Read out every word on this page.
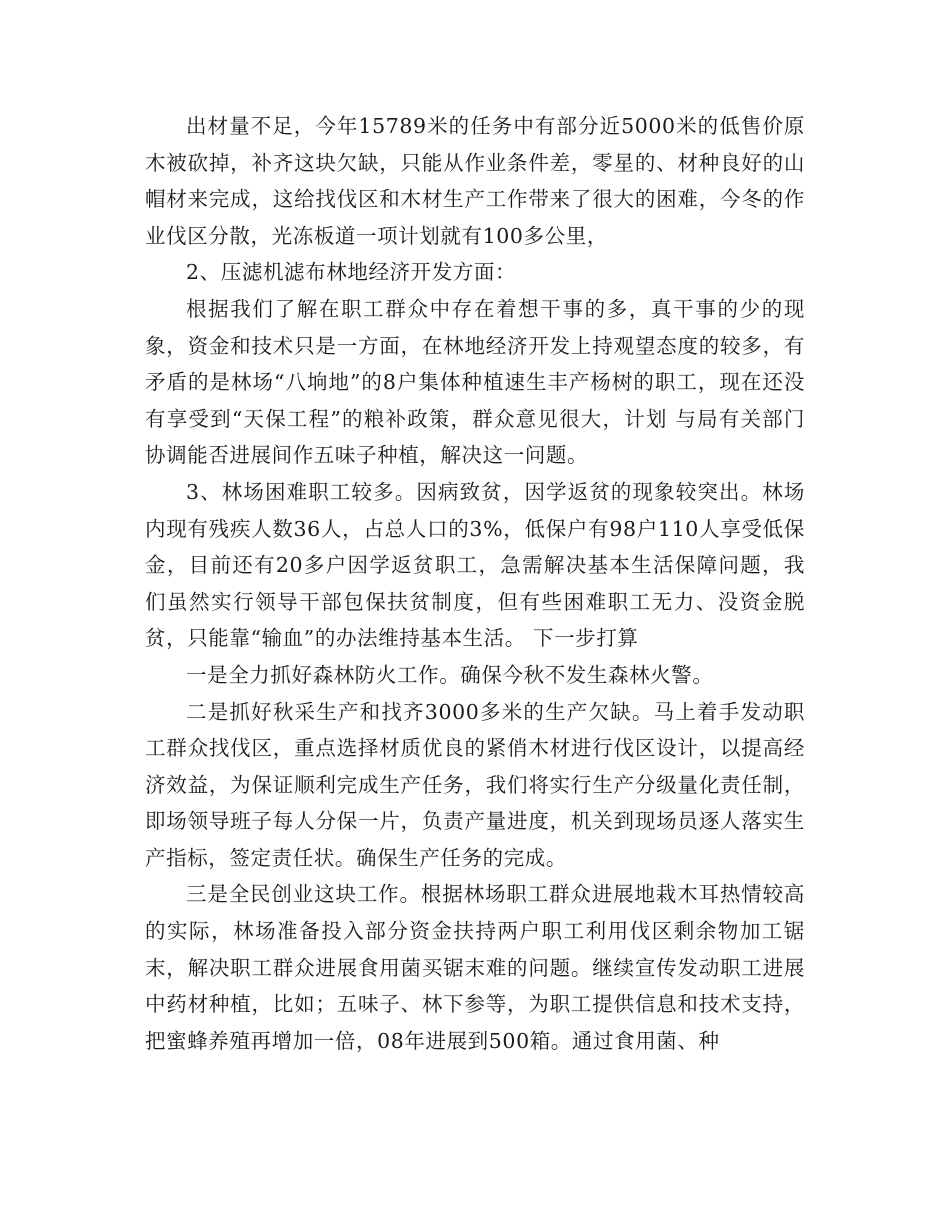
出材量不足，今年15789米的任务中有部分近5000米的低售价原木被砍掉，补齐这块欠缺，只能从作业条件差，零星的、材种良好的山帽材来完成，这给找伐区和木材生产工作带来了很大的困难，今冬的作业伐区分散，光冻板道一项计划就有100多公里，

2、压滤机滤布林地经济开发方面：

根据我们了解在职工群众中存在着想干事的多，真干事的少的现象，资金和技术只是一方面，在林地经济开发上持观望态度的较多，有矛盾的是林场“八垧地”的8户集体种植速生丰产杨树的职工，现在还没有享受到“天保工程”的粮补政策，群众意见很大，计划 与局有关部门协调能否进展间作五味子种植，解决这一问题。

3、林场困难职工较多。因病致贫，因学返贫的现象较突出。林场内现有残疾人数36人，占总人口的3%，低保户有98户110人享受低保金，目前还有20多户因学返贫职工，急需解决基本生活保障问题，我们虽然实行领导干部包保扶贫制度，但有些困难职工无力、没资金脱贫，只能靠“输血”的办法维持基本生活。 下一步打算

一是全力抓好森林防火工作。确保今秋不发生森林火警。

二是抓好秋采生产和找齐3000多米的生产欠缺。马上着手发动职工群众找伐区，重点选择材质优良的紧俏木材进行伐区设计，以提高经济效益，为保证顺利完成生产任务，我们将实行生产分级量化责任制，即场领导班子每人分保一片，负责产量进度，机关到现场员逐人落实生产指标，签定责任状。确保生产任务的完成。

三是全民创业这块工作。根据林场职工群众进展地栽木耳热情较高的实际，林场准备投入部分资金扶持两户职工利用伐区剩余物加工锯末，解决职工群众进展食用菌买锯末难的问题。继续宣传发动职工进展中药材种植，比如；五味子、林下参等，为职工提供信息和技术支持，把蜜蜂养殖再增加一倍，08年进展到500箱。通过食用菌、种
